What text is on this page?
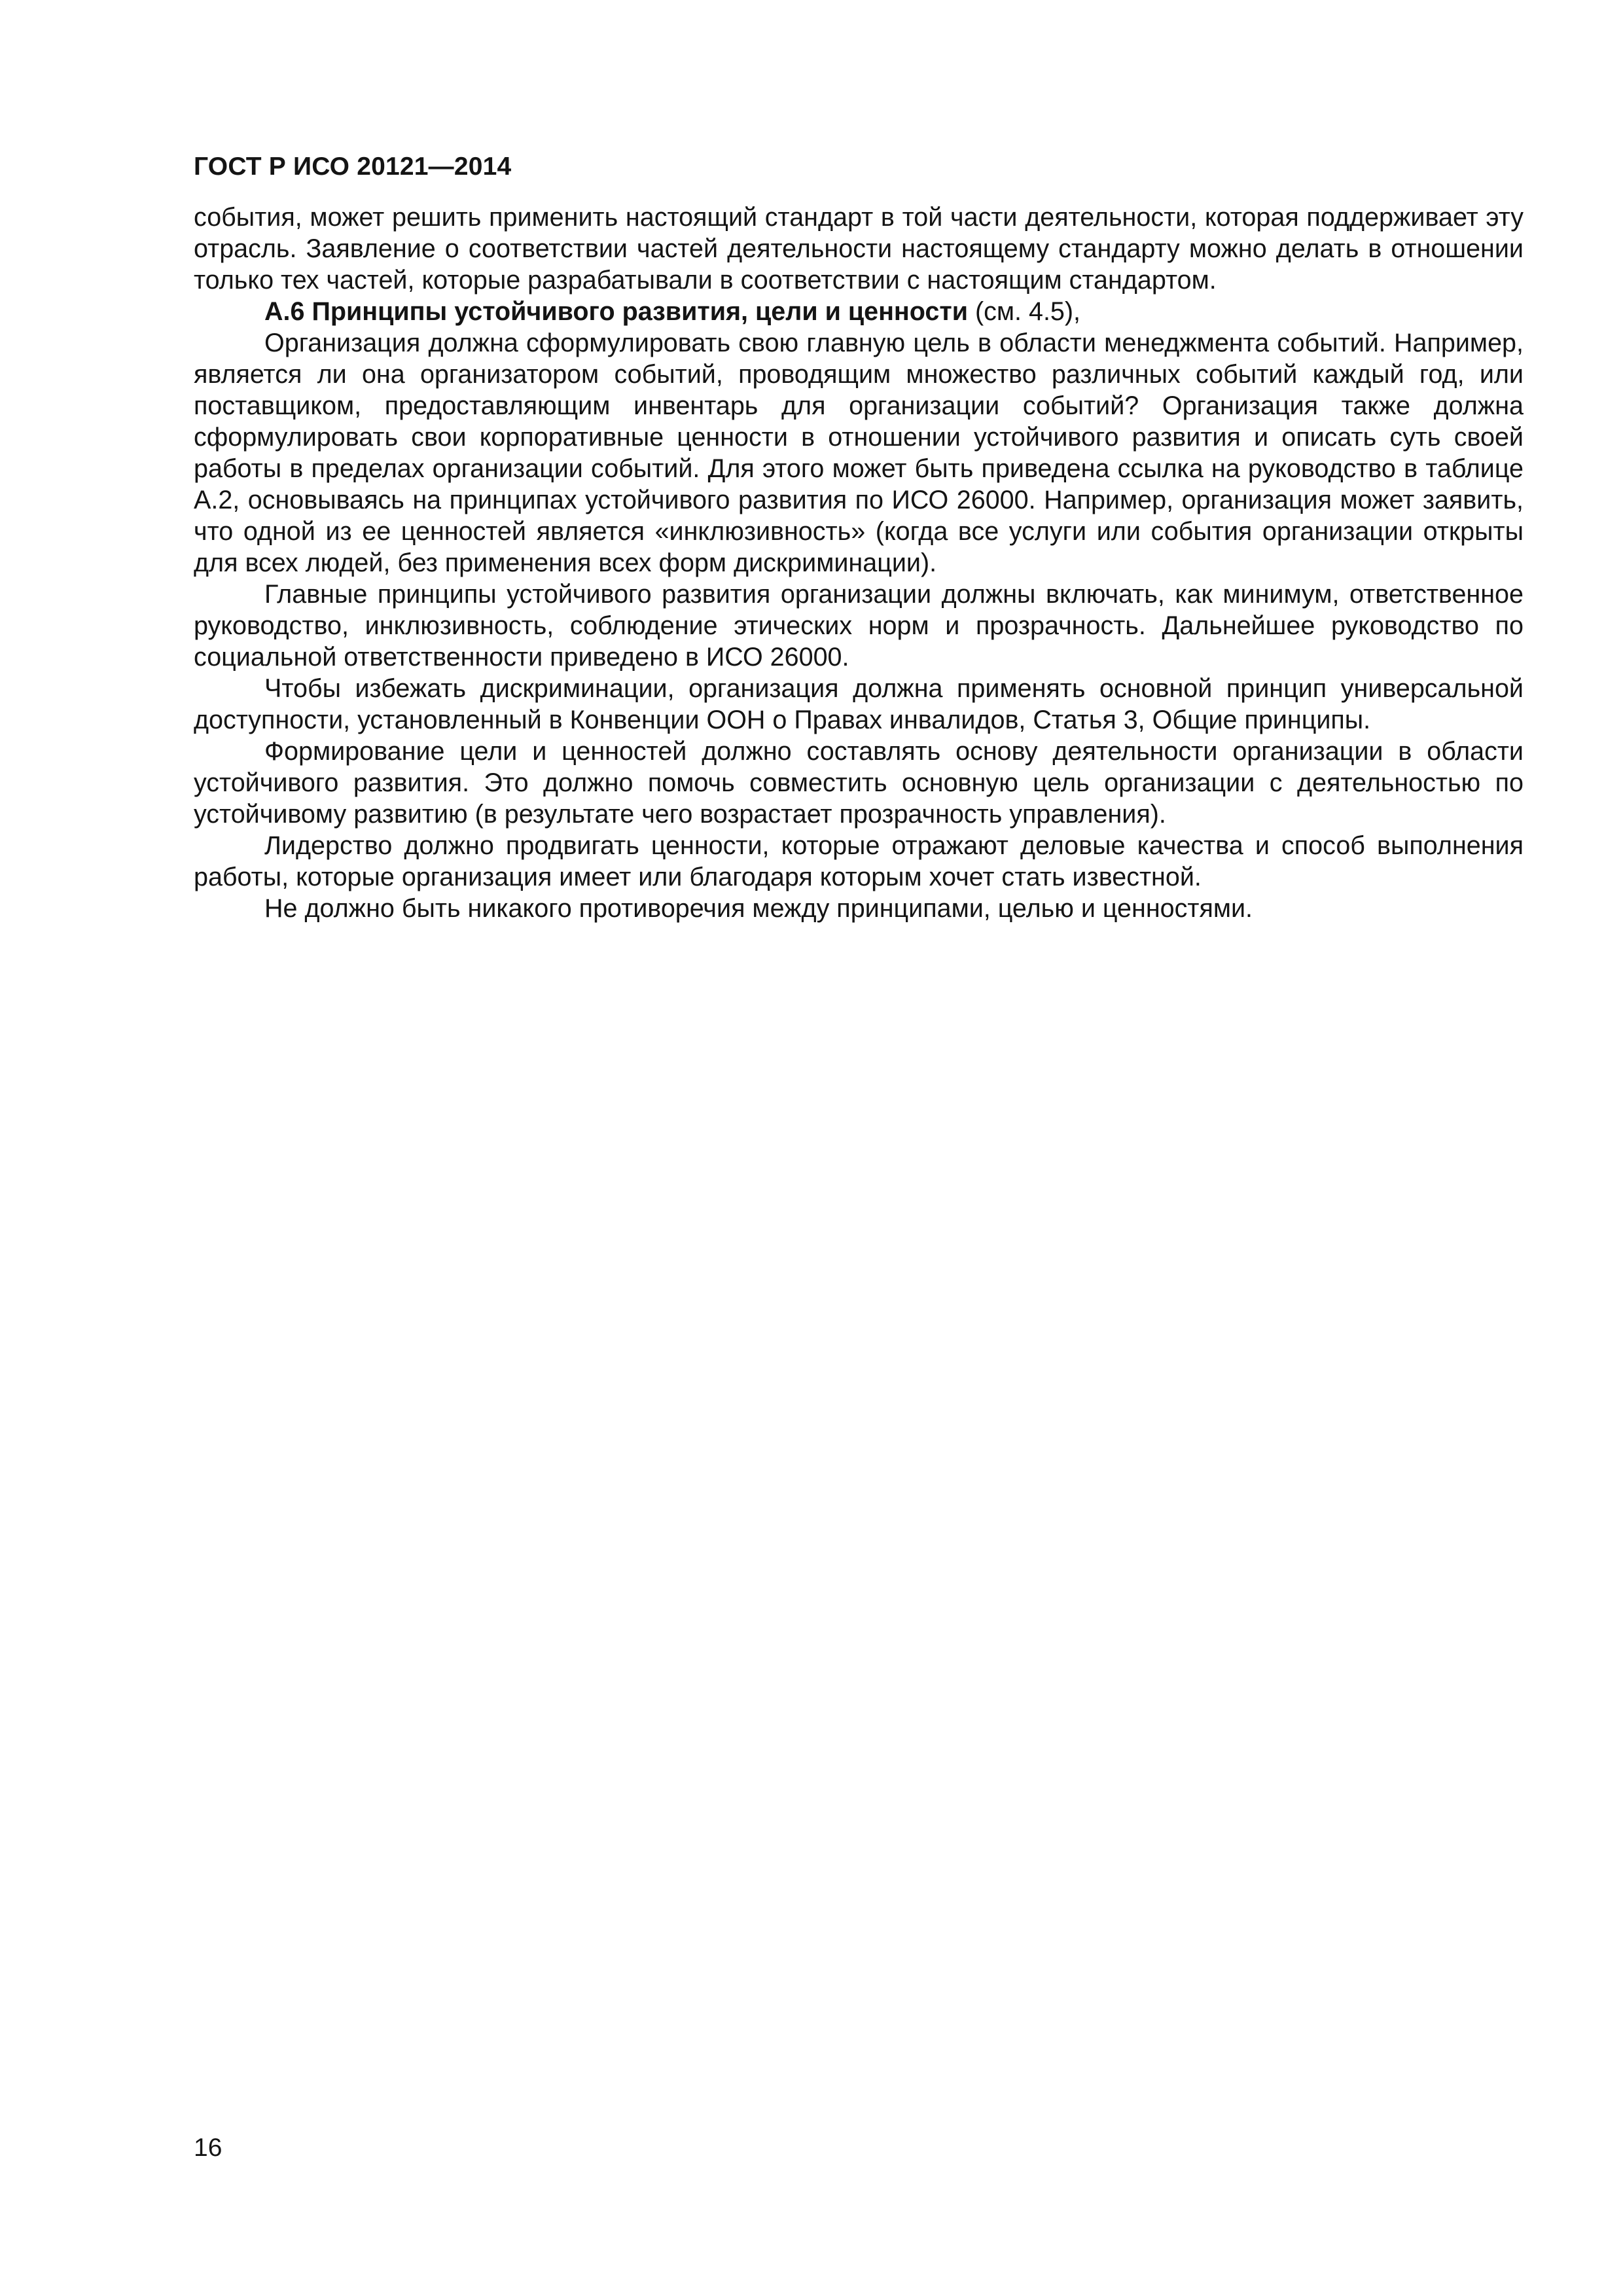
ГОСТ Р ИСО 20121—2014

события, может решить применить настоящий стандарт в той части деятельности, которая поддерживает эту отрасль. Заявление о соответствии частей деятельности настоящему стандарту можно делать в отношении только тех частей, которые разрабатывали в соответствии с настоящим стандартом.

А.6 Принципы устойчивого развития, цели и ценности (см. 4.5),

Организация должна сформулировать свою главную цель в области менеджмента событий. Например, является ли она организатором событий, проводящим множество различных событий каждый год, или поставщиком, предоставляющим инвентарь для организации событий? Организация также должна сформулировать свои корпоративные ценности в отношении устойчивого развития и описать суть своей работы в пределах организации событий. Для этого может быть приведена ссылка на руководство в таблице А.2, основываясь на принципах устойчивого развития по ИСО 26000. Например, организация может заявить, что одной из ее ценностей является «инклюзивность» (когда все услуги или события организации открыты для всех людей, без применения всех форм дискриминации).

Главные принципы устойчивого развития организации должны включать, как минимум, ответственное руководство, инклюзивность, соблюдение этических норм и прозрачность. Дальнейшее руководство по социальной ответственности приведено в ИСО 26000.

Чтобы избежать дискриминации, организация должна применять основной принцип универсальной доступности, установленный в Конвенции ООН о Правах инвалидов, Статья 3, Общие принципы.

Формирование цели и ценностей должно составлять основу деятельности организации в области устойчивого развития. Это должно помочь совместить основную цель организации с деятельностью по устойчивому развитию (в результате чего возрастает прозрачность управления).

Лидерство должно продвигать ценности, которые отражают деловые качества и способ выполнения работы, которые организация имеет или благодаря которым хочет стать известной.

Не должно быть никакого противоречия между принципами, целью и ценностями.

16
